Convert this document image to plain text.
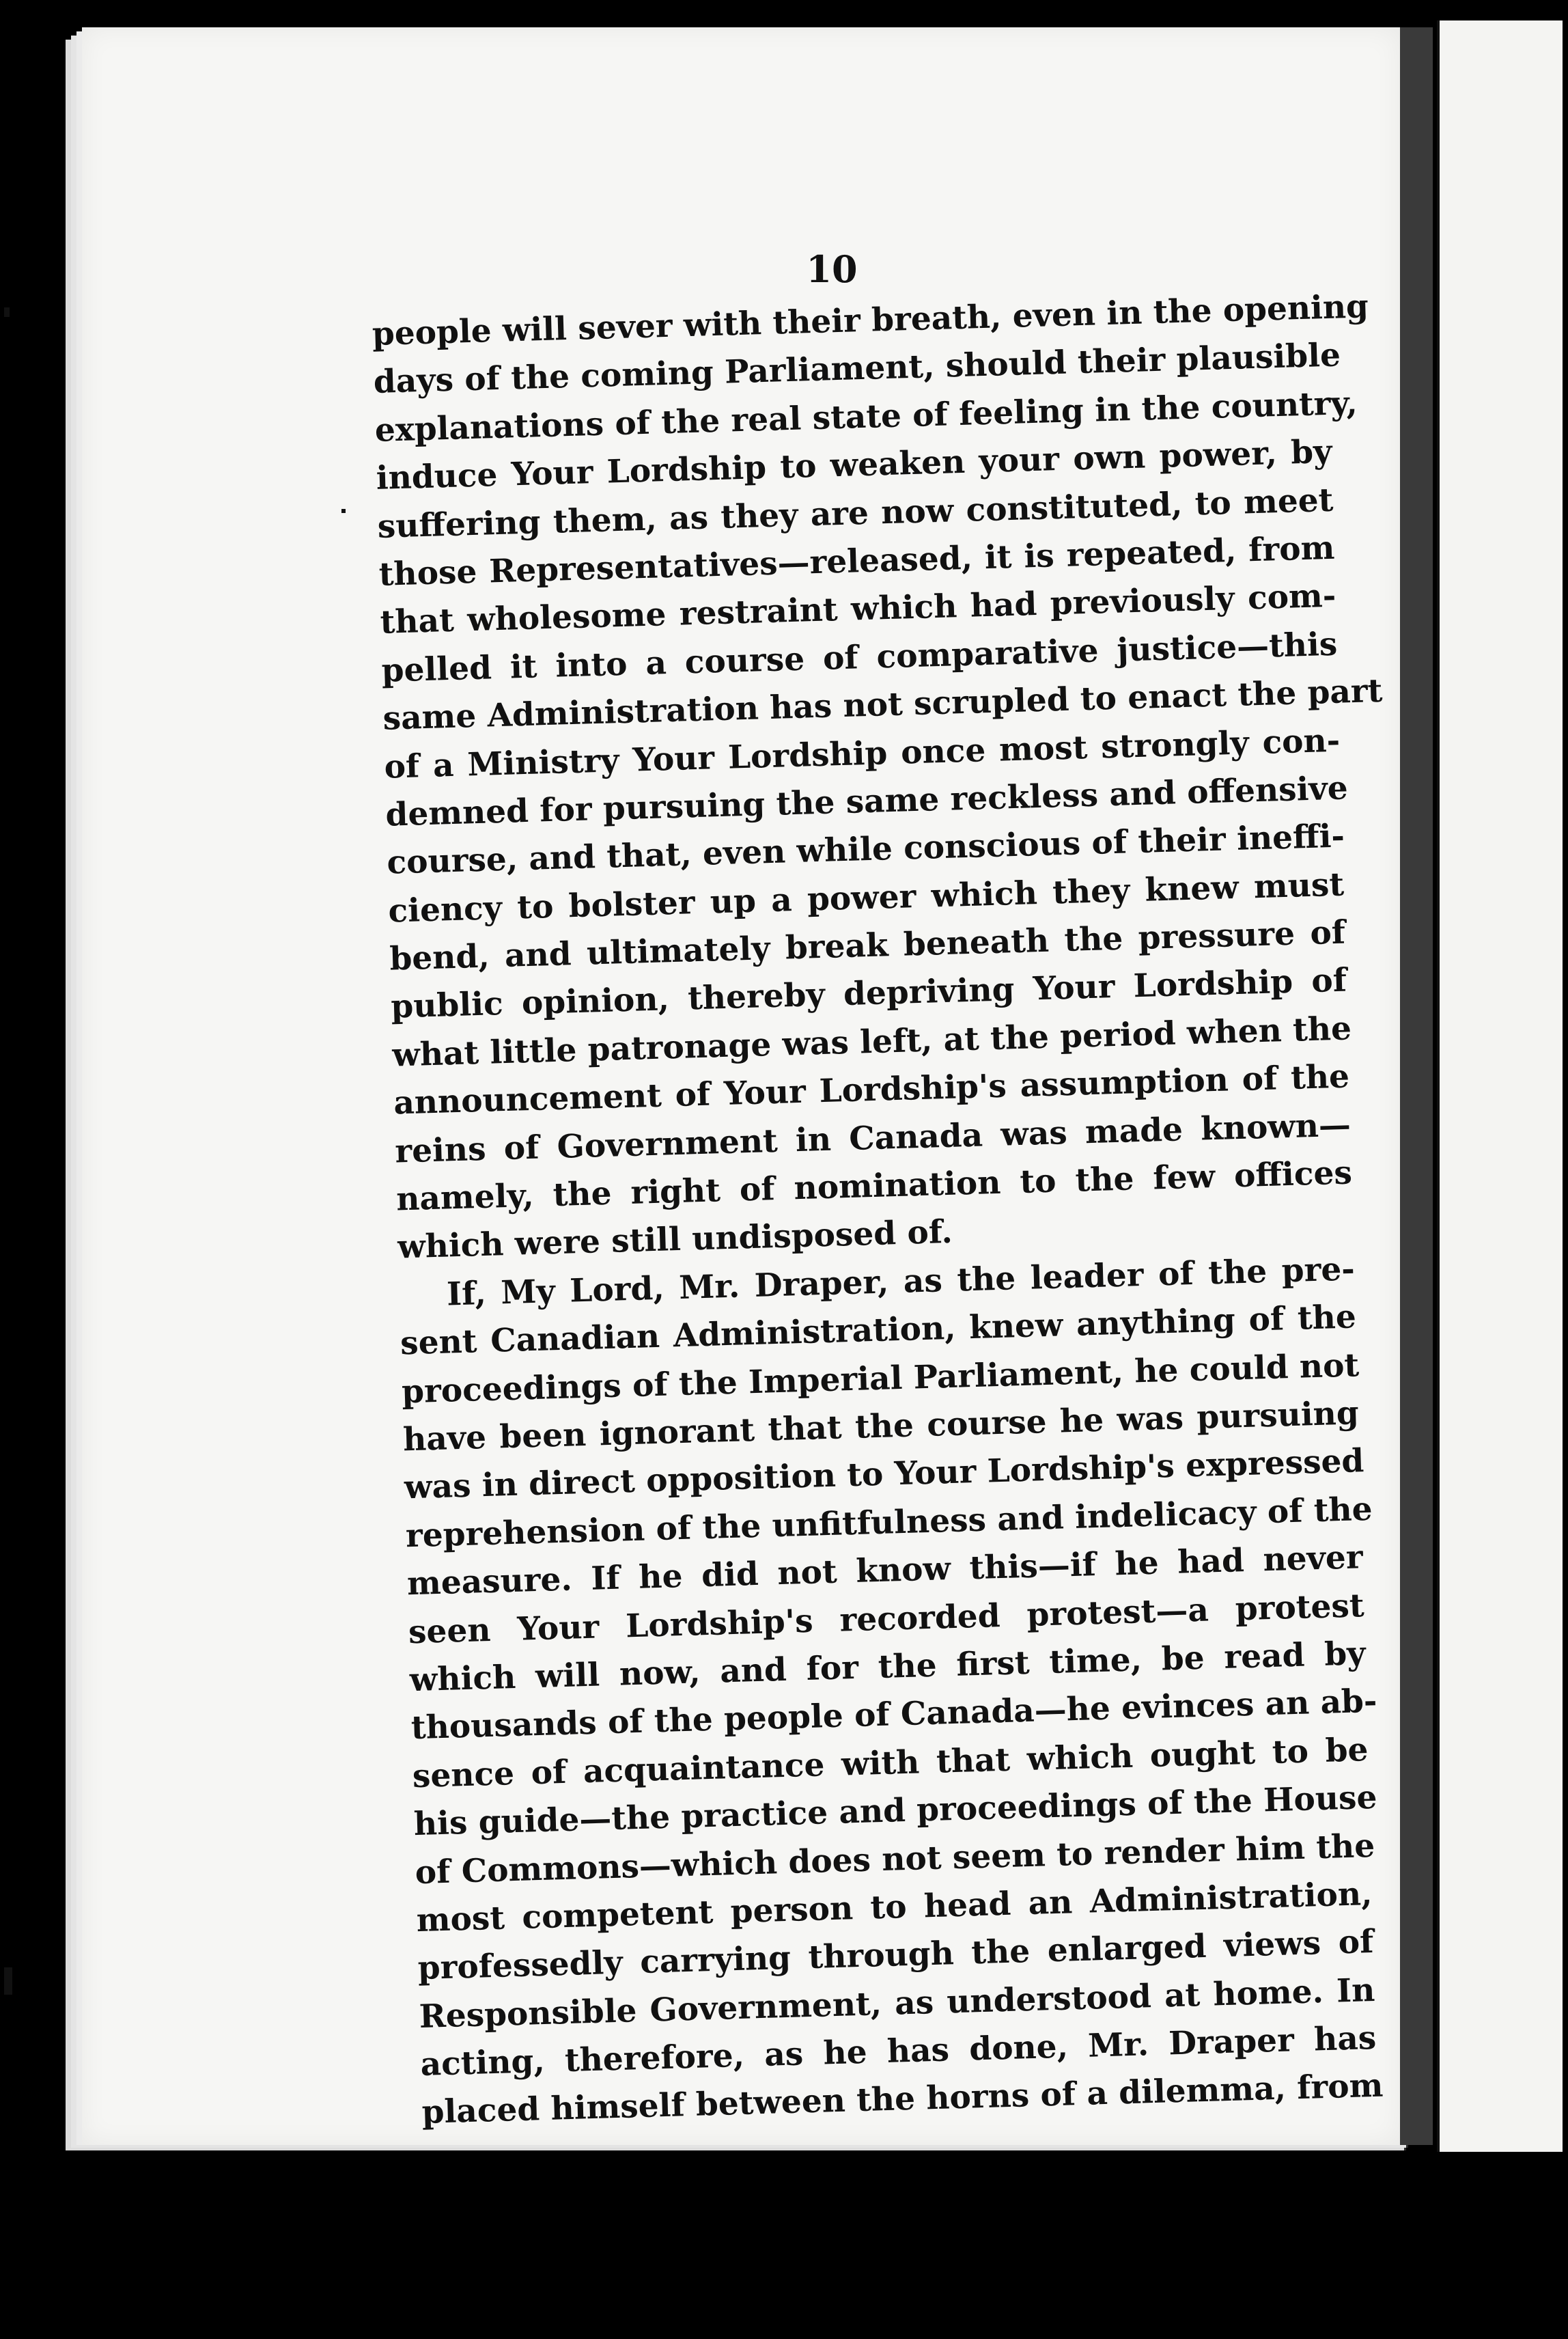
10
people will sever with their breath, even in the opening
days of the coming Parliament, should their plausible
explanations of the real state of feeling in the country,
induce Your Lordship to weaken your own power, by
suffering them, as they are now constituted, to meet
those Representatives—released, it is repeated, from
that wholesome restraint which had previously com-
pelled it into a course of comparative justice—this
same Administration has not scrupled to enact the part
of a Ministry Your Lordship once most strongly con-
demned for pursuing the same reckless and offensive
course, and that, even while conscious of their ineffi-
ciency to bolster up a power which they knew must
bend, and ultimately break beneath the pressure of
public opinion, thereby depriving Your Lordship of
what little patronage was left, at the period when the
announcement of Your Lordship's assumption of the
reins of Government in Canada was made known—
namely, the right of nomination to the few offices
which were still undisposed of.
If, My Lord, Mr. Draper, as the leader of the pre-
sent Canadian Administration, knew anything of the
proceedings of the Imperial Parliament, he could not
have been ignorant that the course he was pursuing
was in direct opposition to Your Lordship's expressed
reprehension of the unfitfulness and indelicacy of the
measure. If he did not know this—if he had never
seen Your Lordship's recorded protest—a protest
which will now, and for the first time, be read by
thousands of the people of Canada—he evinces an ab-
sence of acquaintance with that which ought to be
his guide—the practice and proceedings of the House
of Commons—which does not seem to render him the
most competent person to head an Administration,
professedly carrying through the enlarged views of
Responsible Government, as understood at home. In
acting, therefore, as he has done, Mr. Draper has
placed himself between the horns of a dilemma, from
